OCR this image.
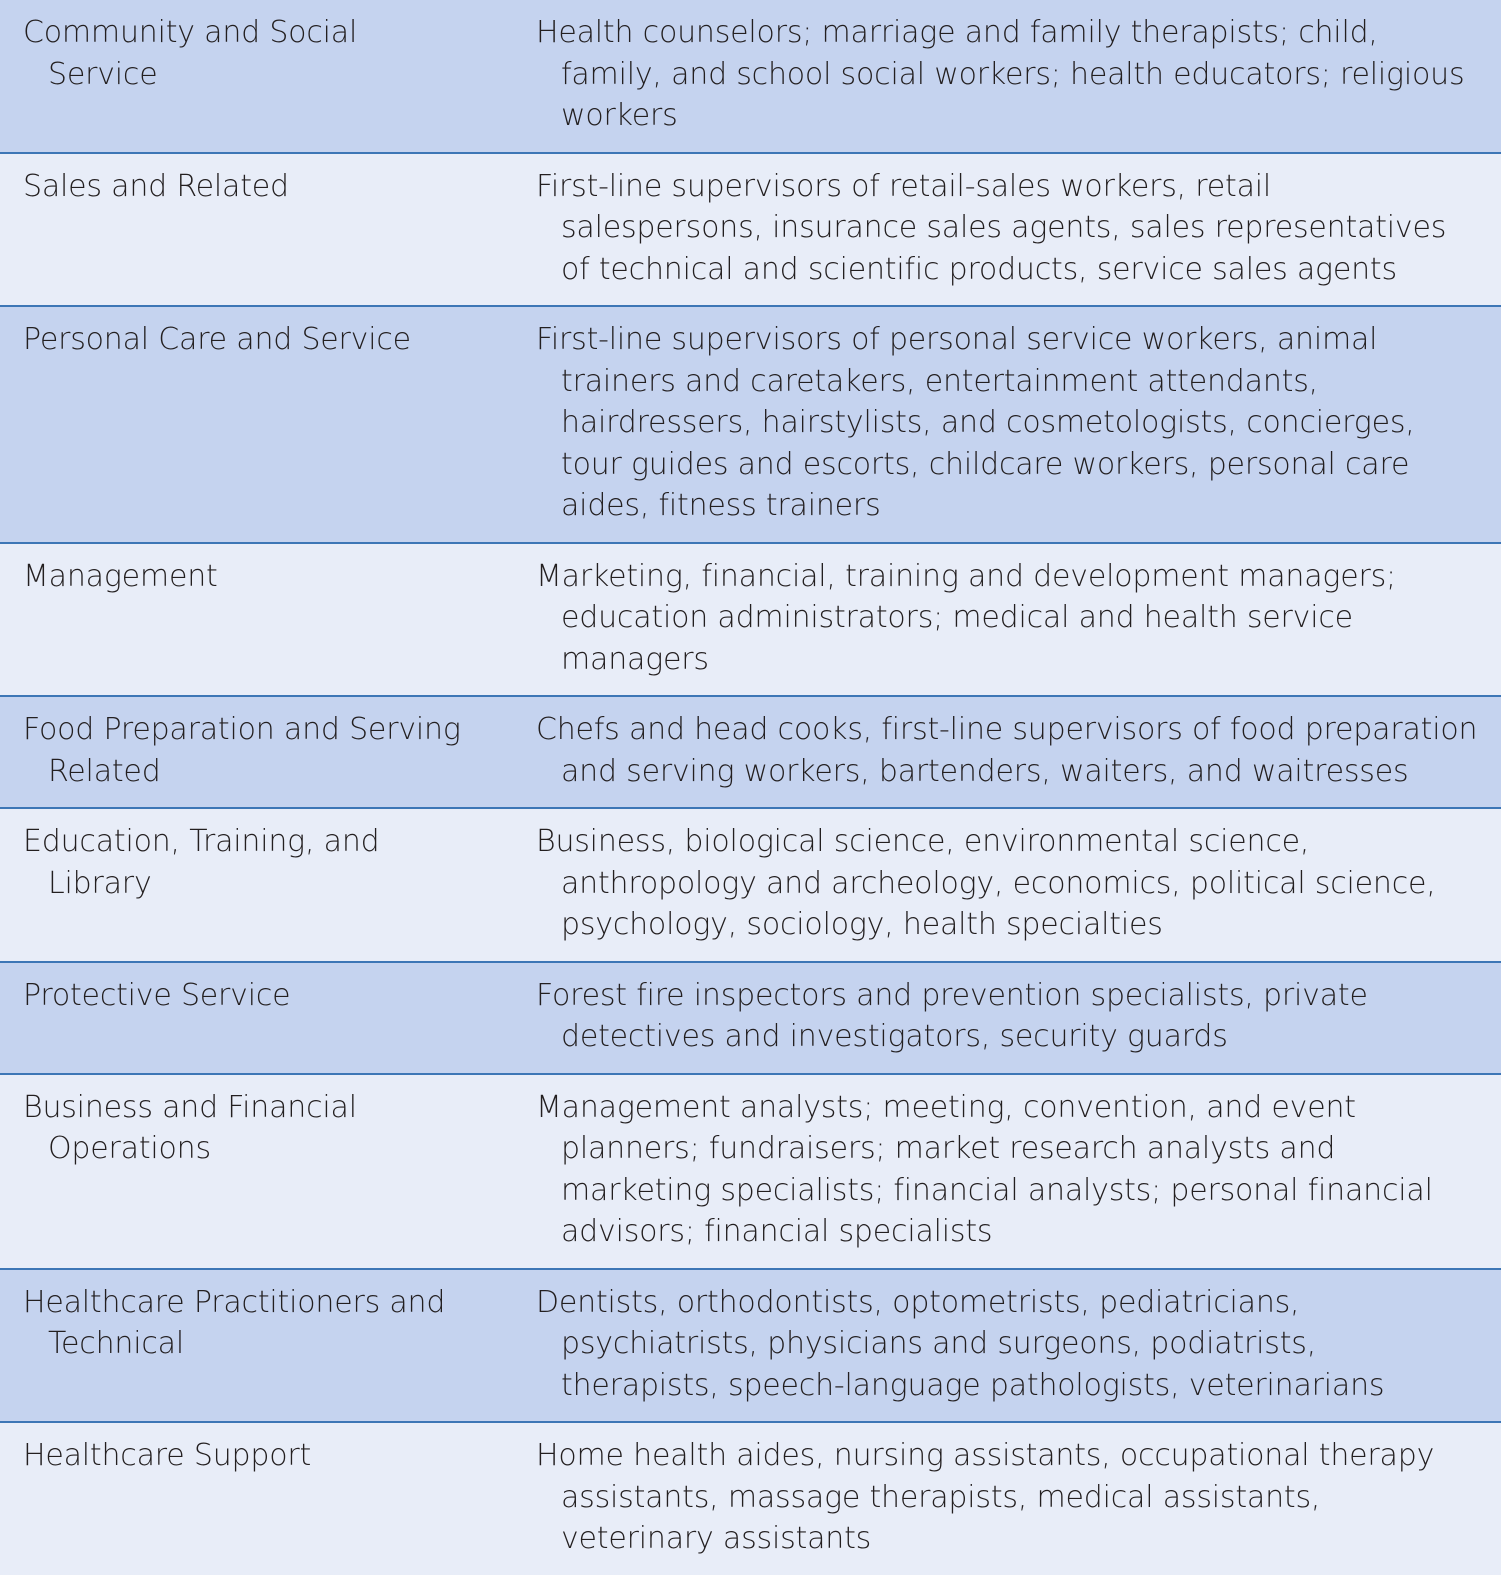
Community and Social Service	Health counselors; marriage and family therapists; child, family, and school social workers; health educators; religious workers

Sales and Related	First-line supervisors of retail-sales workers, retail salespersons, insurance sales agents, sales representatives of technical and scientific products, service sales agents

Personal Care and Service	First-line supervisors of personal service workers, animal trainers and caretakers, entertainment attendants, hairdressers, hairstylists, and cosmetologists, concierges, tour guides and escorts, childcare workers, personal care aides, fitness trainers

Management	Marketing, financial, training and development managers; education administrators; medical and health service managers

Food Preparation and Serving Related	Chefs and head cooks, first-line supervisors of food preparation and serving workers, bartenders, waiters, and waitresses

Education, Training, and Library	Business, biological science, environmental science, anthropology and archeology, economics, political science, psychology, sociology, health specialties

Protective Service	Forest fire inspectors and prevention specialists, private detectives and investigators, security guards

Business and Financial Operations	Management analysts; meeting, convention, and event planners; fundraisers; market research analysts and marketing specialists; financial analysts; personal financial advisors; financial specialists

Healthcare Practitioners and Technical	Dentists, orthodontists, optometrists, pediatricians, psychiatrists, physicians and surgeons, podiatrists, therapists, speech-language pathologists, veterinarians

Healthcare Support	Home health aides, nursing assistants, occupational therapy assistants, massage therapists, medical assistants, veterinary assistants
